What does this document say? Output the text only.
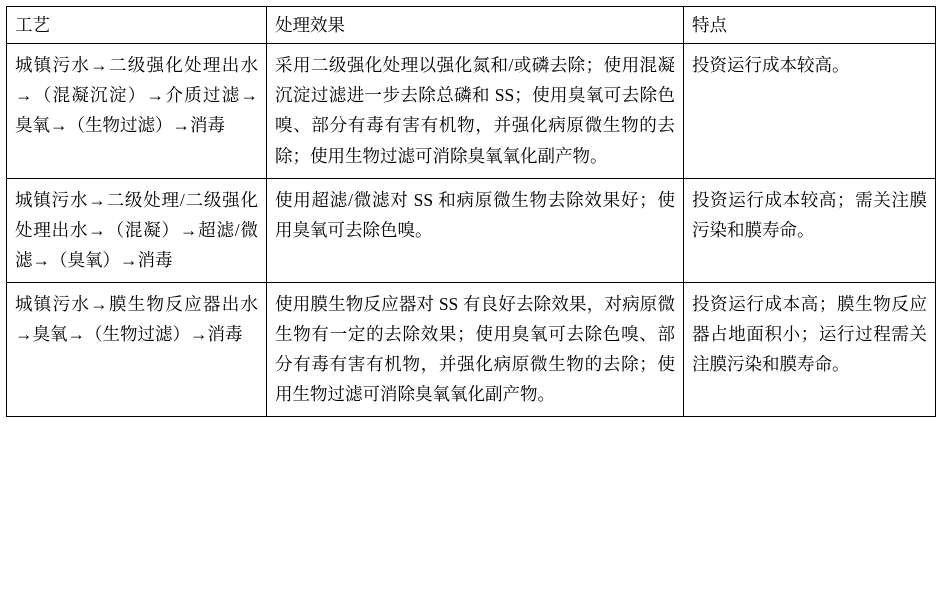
工艺	处理效果	特点

城镇污水→二级强化处理出水→（混凝沉淀）→介质过滤→臭氧→（生物过滤）→消毒	采用二级强化处理以强化氮和/或磷去除；使用混凝沉淀过滤进一步去除总磷和 SS；使用臭氧可去除色嗅、部分有毒有害有机物，并强化病原微生物的去除；使用生物过滤可消除臭氧氧化副产物。	投资运行成本较高。

城镇污水→二级处理/二级强化处理出水→（混凝）→超滤/微滤→（臭氧）→消毒	使用超滤/微滤对 SS 和病原微生物去除效果好；使用臭氧可去除色嗅。	投资运行成本较高；需关注膜污染和膜寿命。

城镇污水→膜生物反应器出水→臭氧→（生物过滤）→消毒	使用膜生物反应器对 SS 有良好去除效果，对病原微生物有一定的去除效果；使用臭氧可去除色嗅、部分有毒有害有机物，并强化病原微生物的去除；使用生物过滤可消除臭氧氧化副产物。	投资运行成本高；膜生物反应器占地面积小；运行过程需关注膜污染和膜寿命。
